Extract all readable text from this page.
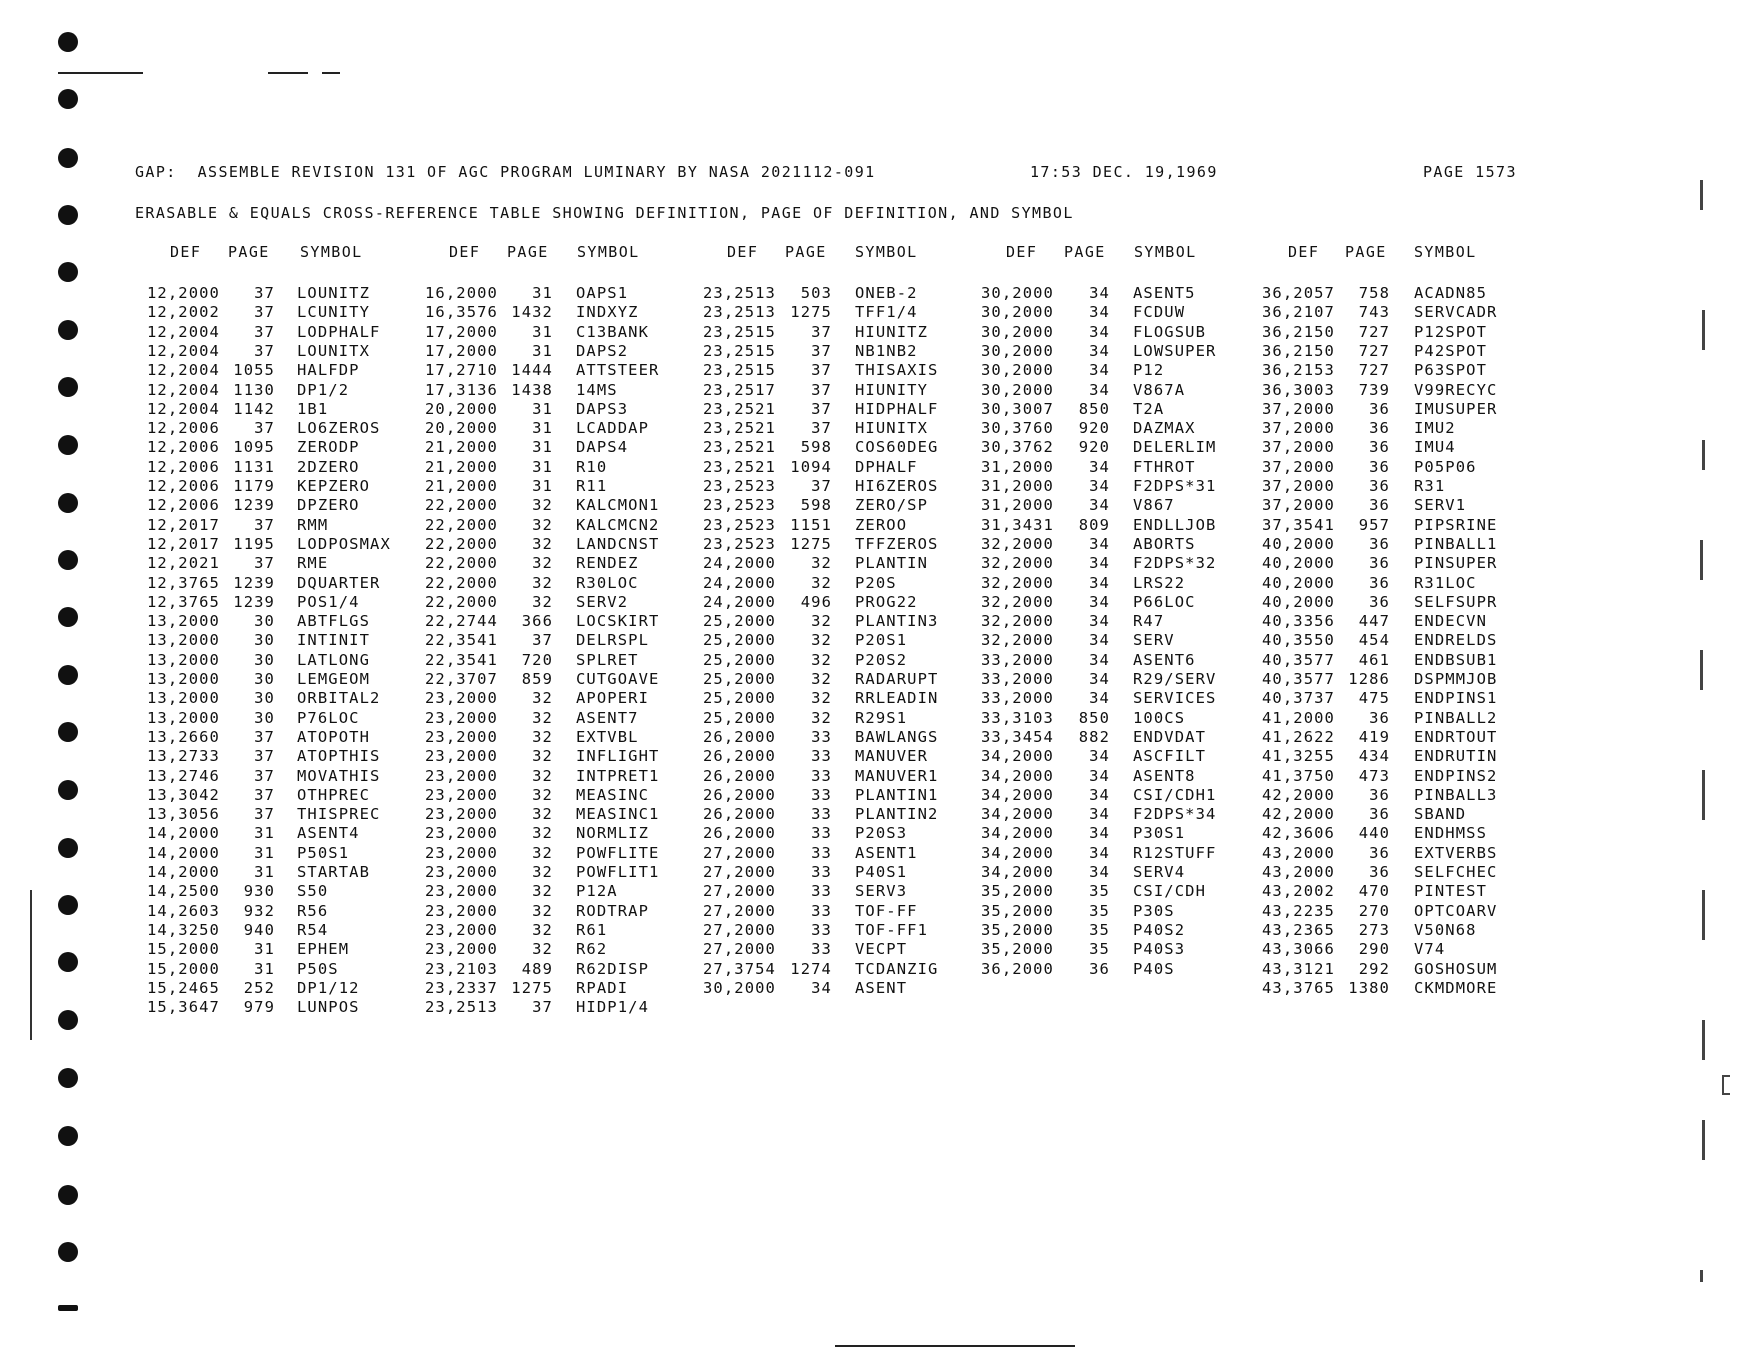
GAP:  ASSEMBLE REVISION 131 OF AGC PROGRAM LUMINARY BY NASA 2021112-091	17:53 DEC. 19,1969	PAGE 1573
ERASABLE & EQUALS CROSS-REFERENCE TABLE SHOWING DEFINITION, PAGE OF DEFINITION, AND SYMBOL
DEF PAGE SYMBOL	DEF PAGE SYMBOL	DEF PAGE SYMBOL	DEF PAGE SYMBOL	DEF PAGE SYMBOL
12,2000 37 LOUNITZ	16,2000 31 OAPS1	23,2513 503 ONEB-2	30,2000 34 ASENT5	36,2057 758 ACADN85
12,2002 37 LCUNITY	16,3576 1432 INDXYZ	23,2513 1275 TFF1/4	30,2000 34 FCDUW	36,2107 743 SERVCADR
12,2004 37 LODPHALF	17,2000 31 C13BANK	23,2515 37 HIUNITZ	30,2000 34 FLOGSUB	36,2150 727 P12SPOT
12,2004 37 LOUNITX	17,2000 31 DAPS2	23,2515 37 NB1NB2	30,2000 34 LOWSUPER	36,2150 727 P42SPOT
12,2004 1055 HALFDP	17,2710 1444 ATTSTEER	23,2515 37 THISAXIS	30,2000 34 P12	36,2153 727 P63SPOT
12,2004 1130 DP1/2	17,3136 1438 14MS	23,2517 37 HIUNITY	30,2000 34 V867A	36,3003 739 V99RECYC
12,2004 1142 1B1	20,2000 31 DAPS3	23,2521 37 HIDPHALF	30,3007 850 T2A	37,2000 36 IMUSUPER
12,2006 37 LO6ZEROS	20,2000 31 LCADDAP	23,2521 37 HIUNITX	30,3760 920 DAZMAX	37,2000 36 IMU2
12,2006 1095 ZERODP	21,2000 31 DAPS4	23,2521 598 COS60DEG	30,3762 920 DELERLIM	37,2000 36 IMU4
12,2006 1131 2DZERO	21,2000 31 R10	23,2521 1094 DPHALF	31,2000 34 FTHROT	37,2000 36 P05P06
12,2006 1179 KEPZERO	21,2000 31 R11	23,2523 37 HI6ZEROS	31,2000 34 F2DPS*31	37,2000 36 R31
12,2006 1239 DPZERO	22,2000 32 KALCMON1	23,2523 598 ZERO/SP	31,2000 34 V867	37,2000 36 SERV1
12,2017 37 RMM	22,2000 32 KALCMCN2	23,2523 1151 ZEROO	31,3431 809 ENDLLJOB	37,3541 957 PIPSRINE
12,2017 1195 LODPOSMAX 22,2000 32 LANDCNST	23,2523 1275 TFFZEROS	32,2000 34 ABORTS	40,2000 36 PINBALL1
12,2021 37 RME	22,2000 32 RENDEZ	24,2000 32 PLANTIN	32,2000 34 F2DPS*32	40,2000 36 PINSUPER
12,3765 1239 DQUARTER	22,2000 32 R30LOC	24,2000 32 P20S	32,2000 34 LRS22	40,2000 36 R31LOC
12,3765 1239 POS1/4	22,2000 32 SERV2	24,2000 496 PROG22	32,2000 34 P66LOC	40,2000 36 SELFSUPR
13,2000 30 ABTFLGS	22,2744 366 LOCSKIRT	25,2000 32 PLANTIN3	32,2000 34 R47	40,3356 447 ENDECVN
13,2000 30 INTINIT	22,3541 37 DELRSPL	25,2000 32 P20S1	32,2000 34 SERV	40,3550 454 ENDRELDS
13,2000 30 LATLONG	22,3541 720 SPLRET	25,2000 32 P20S2	33,2000 34 ASENT6	40,3577 461 ENDBSUB1
13,2000 30 LEMGEOM	22,3707 859 CUTGOAVE	25,2000 32 RADARUPT	33,2000 34 R29/SERV	40,3577 1286 DSPMMJOB
13,2000 30 ORBITAL2	23,2000 32 APOPERI	25,2000 32 RRLEADIN	33,2000 34 SERVICES	40,3737 475 ENDPINS1
13,2000 30 P76LOC	23,2000 32 ASENT7	25,2000 32 R29S1	33,3103 850 100CS	41,2000 36 PINBALL2
13,2660 37 ATOPOTH	23,2000 32 EXTVBL	26,2000 33 BAWLANGS	33,3454 882 ENDVDAT	41,2622 419 ENDRTOUT
13,2733 37 ATOPTHIS	23,2000 32 INFLIGHT	26,2000 33 MANUVER	34,2000 34 ASCFILT	41,3255 434 ENDRUTIN
13,2746 37 MOVATHIS	23,2000 32 INTPRET1	26,2000 33 MANUVER1	34,2000 34 ASENT8	41,3750 473 ENDPINS2
13,3042 37 OTHPREC	23,2000 32 MEASINC	26,2000 33 PLANTIN1	34,2000 34 CSI/CDH1	42,2000 36 PINBALL3
13,3056 37 THISPREC	23,2000 32 MEASINC1	26,2000 33 PLANTIN2	34,2000 34 F2DPS*34	42,2000 36 SBAND
14,2000 31 ASENT4	23,2000 32 NORMLIZ	26,2000 33 P20S3	34,2000 34 P30S1	42,3606 440 ENDHMSS
14,2000 31 P50S1	23,2000 32 POWFLITE	27,2000 33 ASENT1	34,2000 34 R12STUFF	43,2000 36 EXTVERBS
14,2000 31 STARTAB	23,2000 32 POWFLIT1	27,2000 33 P40S1	34,2000 34 SERV4	43,2000 36 SELFCHEC
14,2500 930 S50	23,2000 32 P12A	27,2000 33 SERV3	35,2000 35 CSI/CDH	43,2002 470 PINTEST
14,2603 932 R56	23,2000 32 RODTRAP	27,2000 33 TOF-FF	35,2000 35 P30S	43,2235 270 OPTCOARV
14,3250 940 R54	23,2000 32 R61	27,2000 33 TOF-FF1	35,2000 35 P40S2	43,2365 273 V50N68
15,2000 31 EPHEM	23,2000 32 R62	27,2000 33 VECPT	35,2000 35 P40S3	43,3066 290 V74
15,2000 31 P50S	23,2103 489 R62DISP	27,3754 1274 TCDANZIG	36,2000 36 P40S	43,3121 292 GOSHOSUM
15,2465 252 DP1/12	23,2337 1275 RPADI	30,2000 34 ASENT	43,3765 1380 CKMDMORE
15,3647 979 LUNPOS	23,2513 37 HIDP1/4
